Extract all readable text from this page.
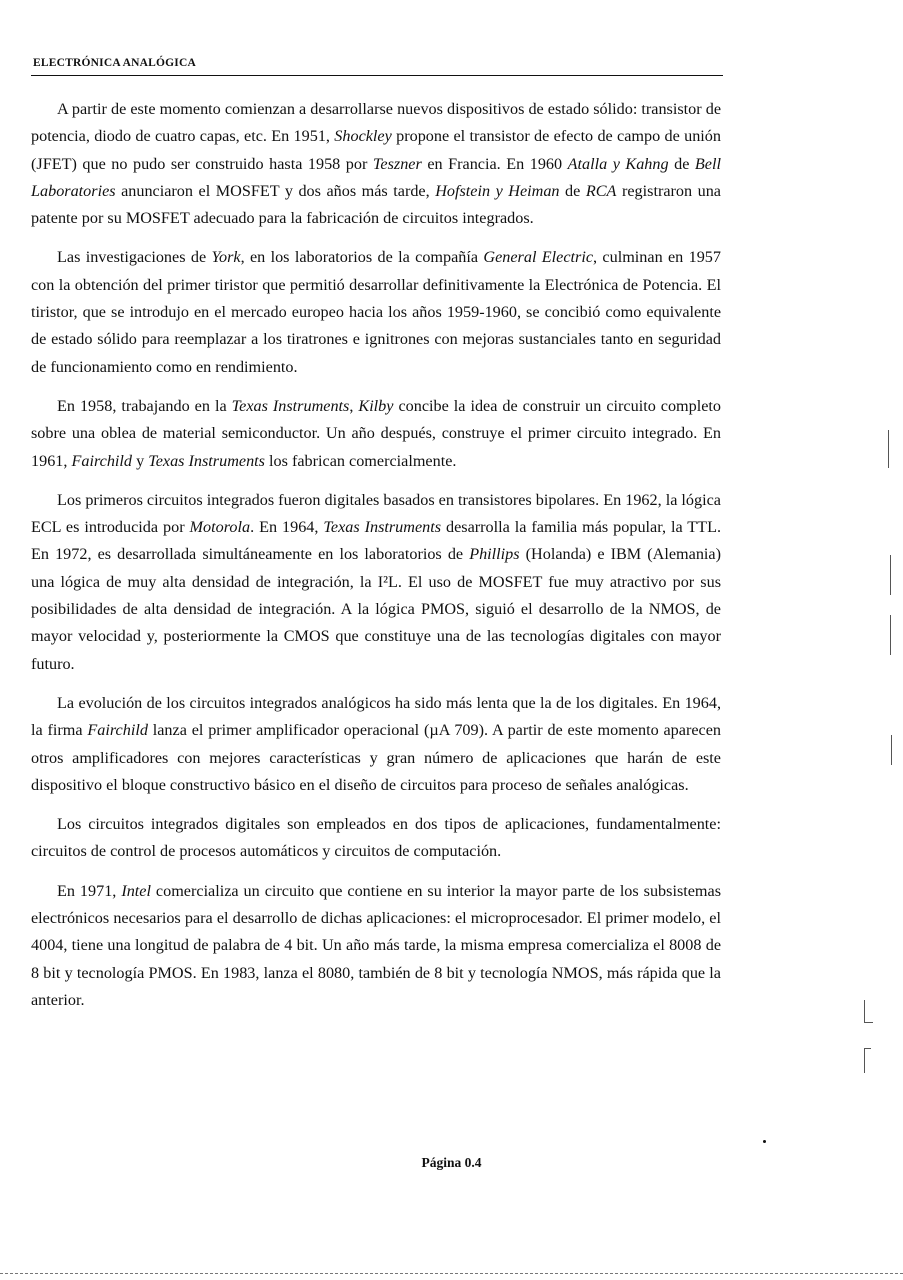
ELECTRÓNICA ANALÓGICA

A partir de este momento comienzan a desarrollarse nuevos dispositivos de estado sólido: transistor de potencia, diodo de cuatro capas, etc. En 1951, Shockley propone el transistor de efecto de campo de unión (JFET) que no pudo ser construido hasta 1958 por Teszner en Francia. En 1960 Atalla y Kahng de Bell Laboratories anunciaron el MOSFET y dos años más tarde, Hofstein y Heiman de RCA registraron una patente por su MOSFET adecuado para la fabricación de circuitos integrados.

Las investigaciones de York, en los laboratorios de la compañía General Electric, culminan en 1957 con la obtención del primer tiristor que permitió desarrollar definitivamente la Electrónica de Potencia. El tiristor, que se introdujo en el mercado europeo hacia los años 1959-1960, se concibió como equivalente de estado sólido para reemplazar a los tiratrones e ignitrones con mejoras sustanciales tanto en seguridad de funcionamiento como en rendimiento.

En 1958, trabajando en la Texas Instruments, Kilby concibe la idea de construir un circuito completo sobre una oblea de material semiconductor. Un año después, construye el primer circuito integrado. En 1961, Fairchild y Texas Instruments los fabrican comercialmente.

Los primeros circuitos integrados fueron digitales basados en transistores bipolares. En 1962, la lógica ECL es introducida por Motorola. En 1964, Texas Instruments desarrolla la familia más popular, la TTL. En 1972, es desarrollada simultáneamente en los laboratorios de Phillips (Holanda) e IBM (Alemania) una lógica de muy alta densidad de integración, la I²L. El uso de MOSFET fue muy atractivo por sus posibilidades de alta densidad de integración. A la lógica PMOS, siguió el desarrollo de la NMOS, de mayor velocidad y, posteriormente la CMOS que constituye una de las tecnologías digitales con mayor futuro.

La evolución de los circuitos integrados analógicos ha sido más lenta que la de los digitales. En 1964, la firma Fairchild lanza el primer amplificador operacional (µA 709). A partir de este momento aparecen otros amplificadores con mejores características y gran número de aplicaciones que harán de este dispositivo el bloque constructivo básico en el diseño de circuitos para proceso de señales analógicas.

Los circuitos integrados digitales son empleados en dos tipos de aplicaciones, fundamentalmente: circuitos de control de procesos automáticos y circuitos de computación.

En 1971, Intel comercializa un circuito que contiene en su interior la mayor parte de los subsistemas electrónicos necesarios para el desarrollo de dichas aplicaciones: el microprocesador. El primer modelo, el 4004, tiene una longitud de palabra de 4 bit. Un año más tarde, la misma empresa comercializa el 8008 de 8 bit y tecnología PMOS. En 1983, lanza el 8080, también de 8 bit y tecnología NMOS, más rápida que la anterior.

Página 0.4
